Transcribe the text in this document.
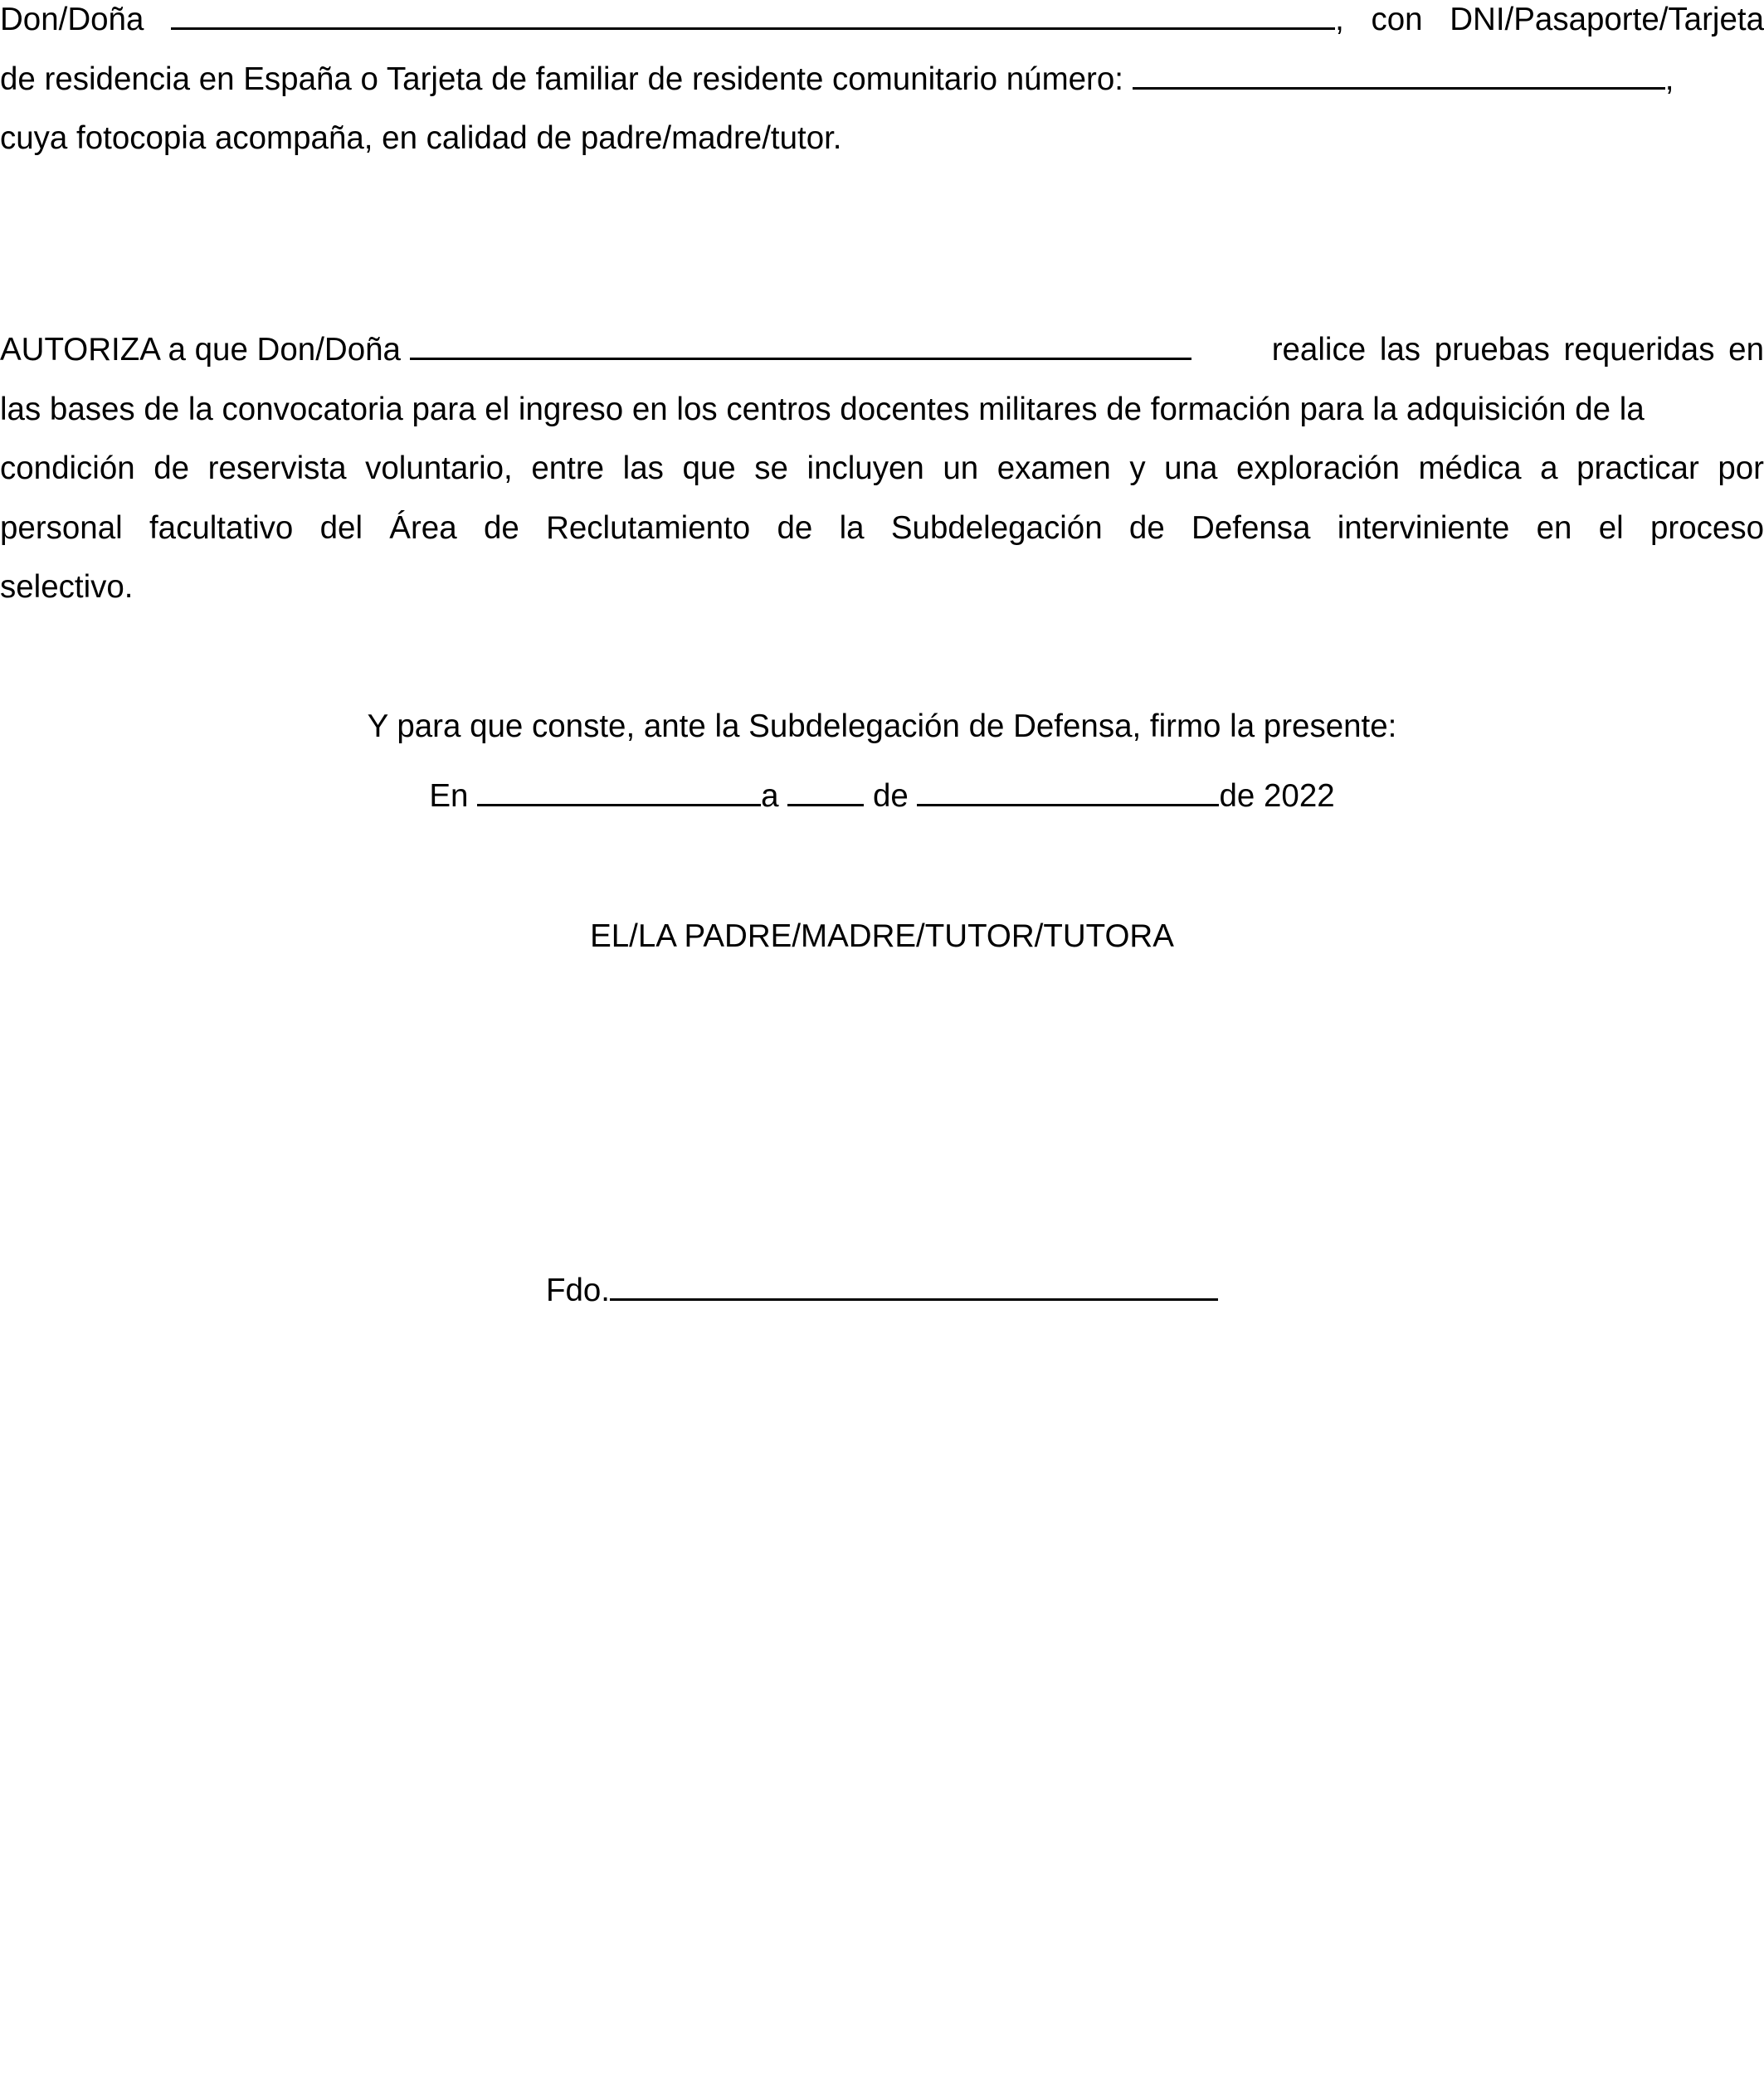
Don/Doña	, con DNI/Pasaporte/Tarjeta
de residencia en España o Tarjeta de familiar de residente comunitario número:	,
cuya fotocopia acompaña, en calidad de padre/madre/tutor.
AUTORIZA a que Don/Doña	realice las pruebas requeridas en
las bases de la convocatoria para el ingreso en los centros docentes militares de formación para la adquisición de la
condición de reservista voluntario, entre las que se incluyen un examen y una exploración médica a practicar por
personal facultativo del Área de Reclutamiento de la Subdelegación de Defensa interviniente en el proceso
selectivo.
Y para que conste, ante la Subdelegación de Defensa, firmo la presente:
En	a	de	de 2022
EL/LA PADRE/MADRE/TUTOR/TUTORA
Fdo.
